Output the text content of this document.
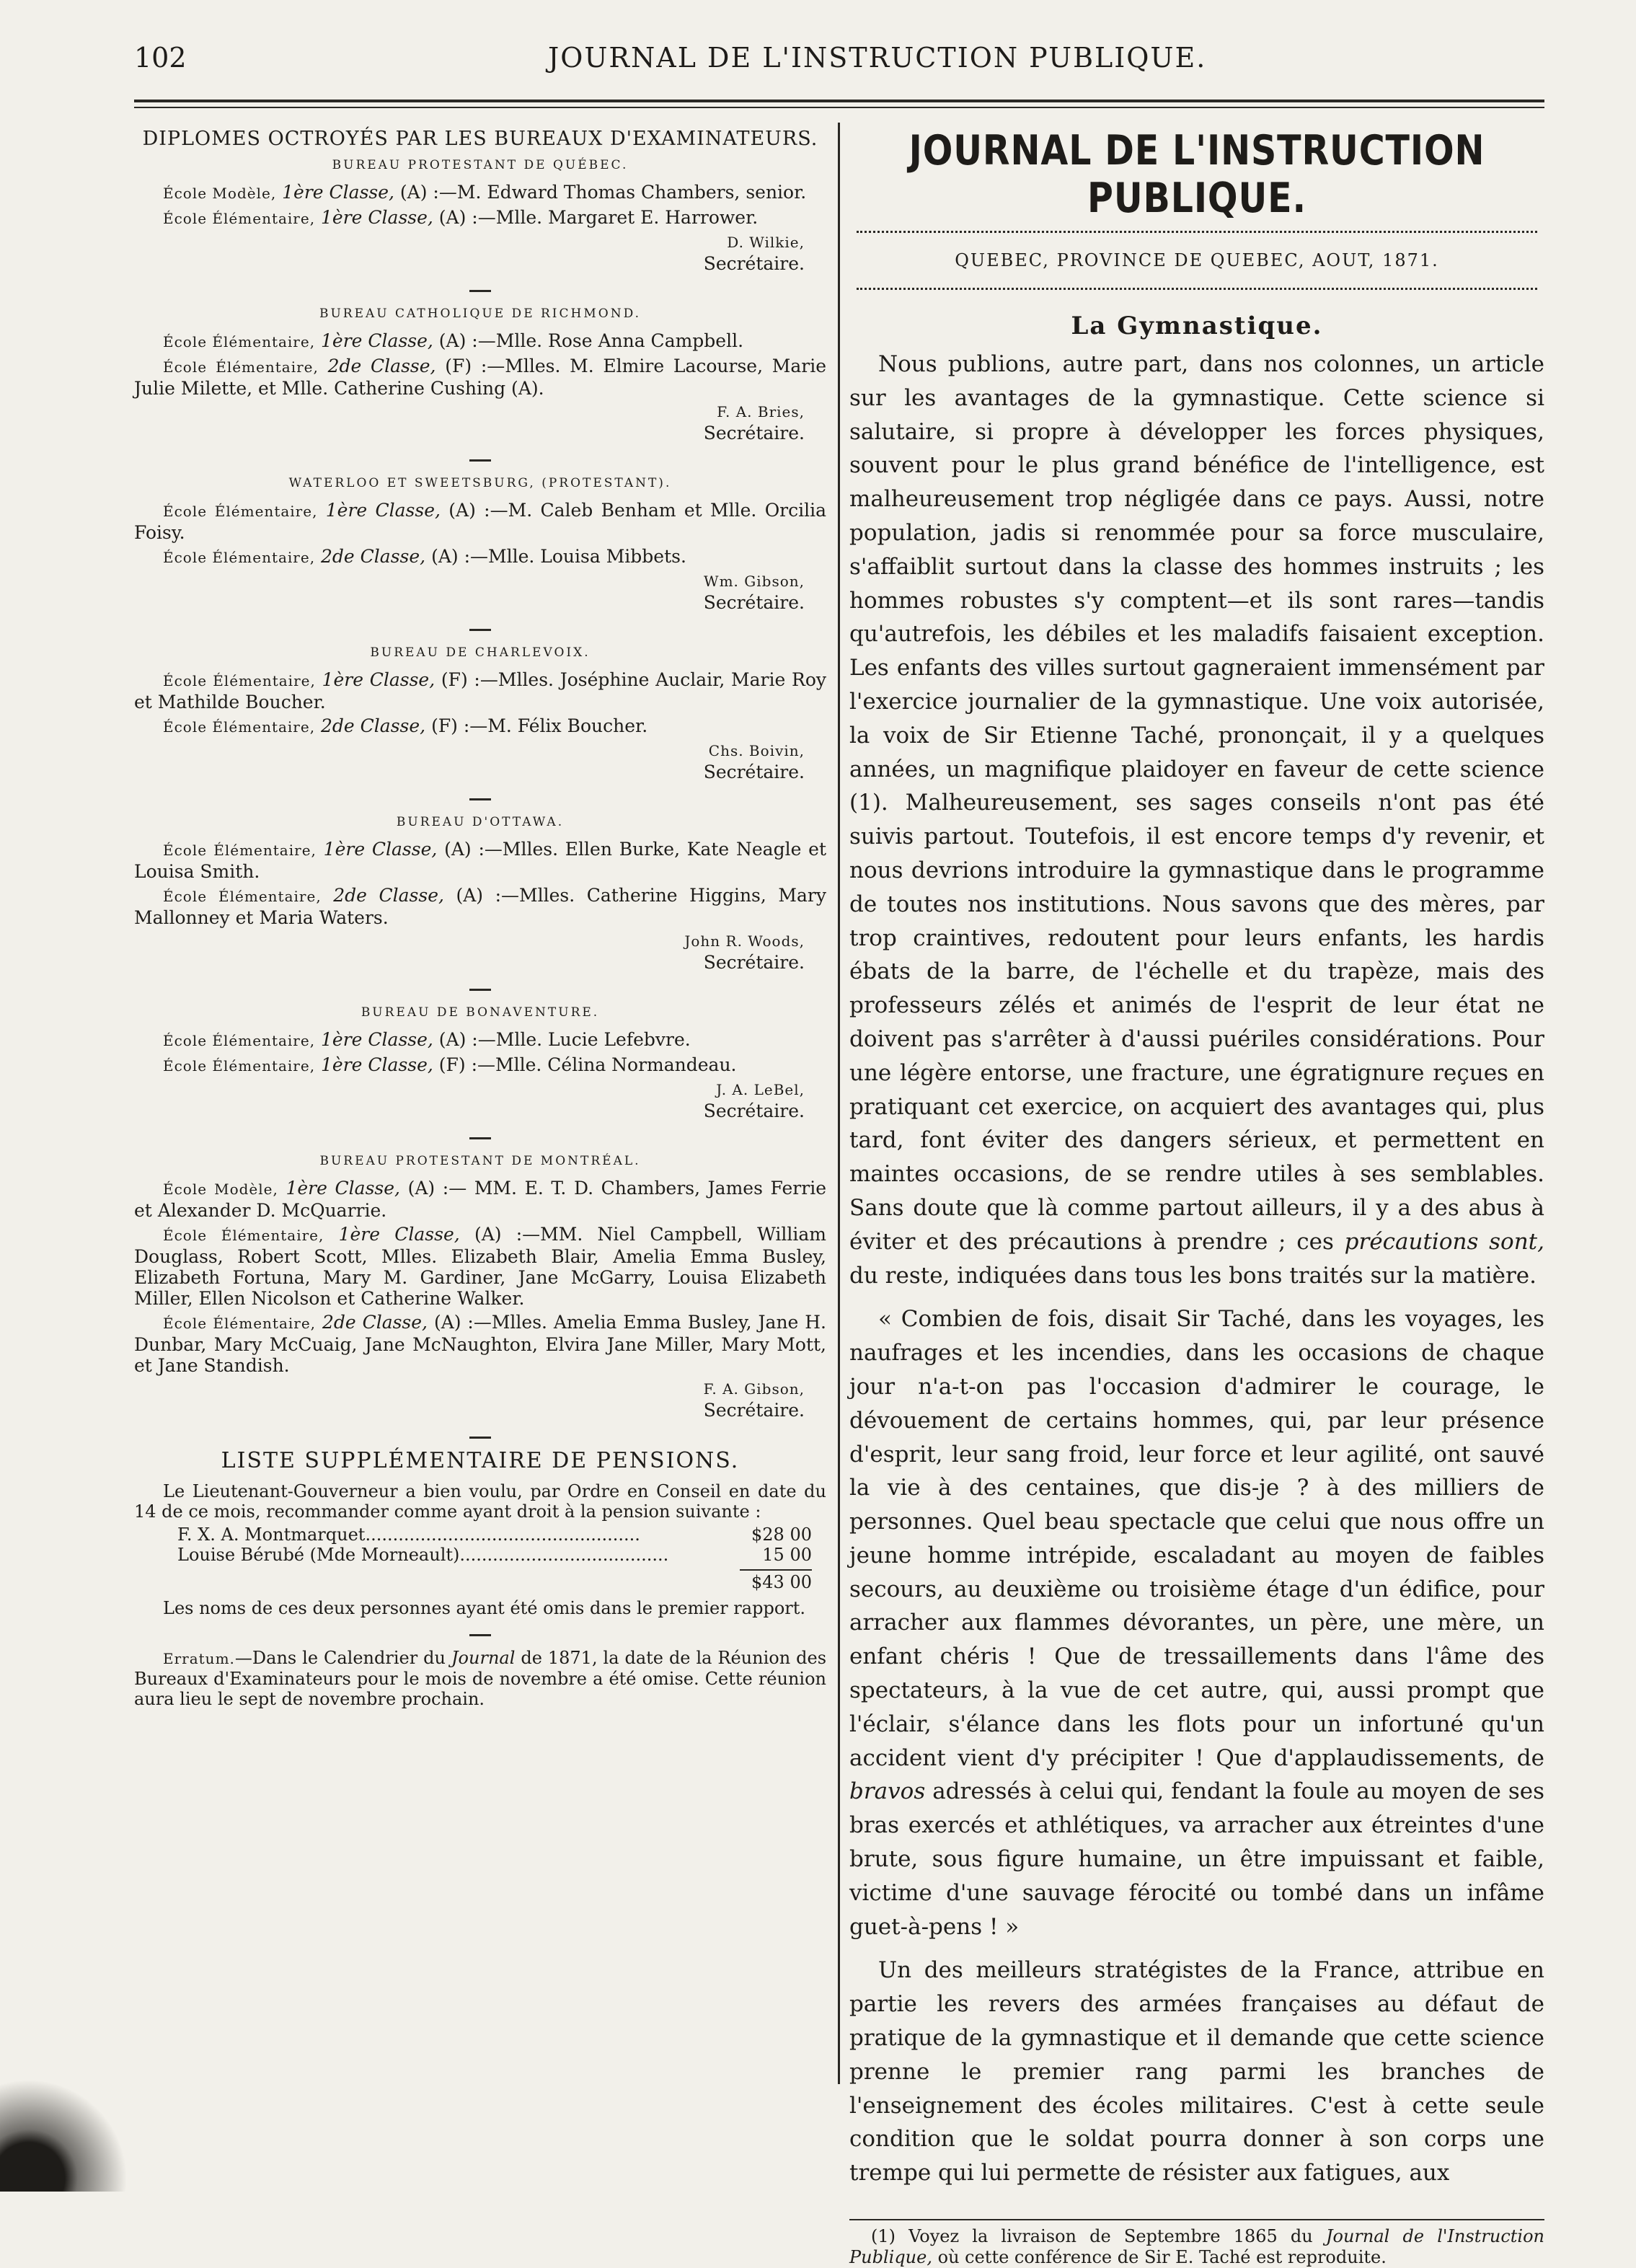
102	JOURNAL DE L'INSTRUCTION PUBLIQUE.
DIPLOMES OCTROYÉS PAR LES BUREAUX D'EXAMINATEURS.
BUREAU PROTESTANT DE QUÉBEC.
École Modèle, 1ère Classe, (A) :—M. Edward Thomas Chambers, senior.
École Élémentaire, 1ère Classe, (A) :—Mlle. Margaret E. Harrower.
D. Wilkie,
Secrétaire.
BUREAU CATHOLIQUE DE RICHMOND.
École Élémentaire, 1ère Classe, (A) :—Mlle. Rose Anna Campbell.
École Élémentaire, 2de Classe, (F) :—Mlles. M. Elmire Lacourse, Marie Julie Milette, et Mlle. Catherine Cushing (A).
F. A. Bries,
Secrétaire.
WATERLOO ET SWEETSBURG, (PROTESTANT).
École Élémentaire, 1ère Classe, (A) :—M. Caleb Benham et Mlle. Orcilia Foisy.
École Élémentaire, 2de Classe, (A) :—Mlle. Louisa Mibbets.
Wm. Gibson,
Secrétaire.
BUREAU DE CHARLEVOIX.
École Élémentaire, 1ère Classe, (F) :—Mlles. Joséphine Auclair, Marie Roy et Mathilde Boucher.
École Élémentaire, 2de Classe, (F) :—M. Félix Boucher.
Chs. Boivin,
Secrétaire.
BUREAU D'OTTAWA.
École Élémentaire, 1ère Classe, (A) :—Mlles. Ellen Burke, Kate Neagle et Louisa Smith.
École Élémentaire, 2de Classe, (A) :—Mlles. Catherine Higgins, Mary Mallonney et Maria Waters.
John R. Woods,
Secrétaire.
BUREAU DE BONAVENTURE.
École Élémentaire, 1ère Classe, (A) :—Mlle. Lucie Lefebvre.
École Élémentaire, 1ère Classe, (F) :—Mlle. Célina Normandeau.
J. A. LeBel,
Secrétaire.
BUREAU PROTESTANT DE MONTRÉAL.
École Modèle, 1ère Classe, (A) :— MM. E. T. D. Chambers, James Ferrie et Alexander D. McQuarrie.
École Élémentaire, 1ère Classe, (A) :—MM. Niel Campbell, William Douglass, Robert Scott, Mlles. Elizabeth Blair, Amelia Emma Busley, Elizabeth Fortuna, Mary M. Gardiner, Jane McGarry, Louisa Elizabeth Miller, Ellen Nicolson et Catherine Walker.
École Élémentaire, 2de Classe, (A) :—Mlles. Amelia Emma Busley, Jane H. Dunbar, Mary McCuaig, Jane McNaughton, Elvira Jane Miller, Mary Mott, et Jane Standish.
F. A. Gibson,
Secrétaire.
LISTE SUPPLÉMENTAIRE DE PENSIONS.
Le Lieutenant-Gouverneur a bien voulu, par Ordre en Conseil en date du 14 de ce mois, recommander comme ayant droit à la pension suivante :
F. X. A. Montmarquet..................................................	$28 00
Louise Bérubé (Mde Morneault)......................................	15 00
$43 00
Les noms de ces deux personnes ayant été omis dans le premier rapport.
Erratum.—Dans le Calendrier du Journal de 1871, la date de la Réunion des Bureaux d'Examinateurs pour le mois de novembre a été omise. Cette réunion aura lieu le sept de novembre prochain.
JOURNAL DE L'INSTRUCTION PUBLIQUE.
QUEBEC, PROVINCE DE QUEBEC, AOUT, 1871.
La Gymnastique.

Nous publions, autre part, dans nos colonnes, un article sur les avantages de la gymnastique. Cette science si salutaire, si propre à développer les forces physiques, souvent pour le plus grand bénéfice de l'intelligence, est malheureusement trop négligée dans ce pays. Aussi, notre population, jadis si renommée pour sa force musculaire, s'affaiblit surtout dans la classe des hommes instruits ; les hommes robustes s'y comptent—et ils sont rares—tandis qu'autrefois, les débiles et les maladifs faisaient exception. Les enfants des villes surtout gagneraient immensément par l'exercice journalier de la gymnastique. Une voix autorisée, la voix de Sir Etienne Taché, prononçait, il y a quelques années, un magnifique plaidoyer en faveur de cette science (1). Malheureusement, ses sages conseils n'ont pas été suivis partout. Toutefois, il est encore temps d'y revenir, et nous devrions introduire la gymnastique dans le programme de toutes nos institutions. Nous savons que des mères, par trop craintives, redoutent pour leurs enfants, les hardis ébats de la barre, de l'échelle et du trapèze, mais des professeurs zélés et animés de l'esprit de leur état ne doivent pas s'arrêter à d'aussi puériles considérations. Pour une légère entorse, une fracture, une égratignure reçues en pratiquant cet exercice, on acquiert des avantages qui, plus tard, font éviter des dangers sérieux, et permettent en maintes occasions, de se rendre utiles à ses semblables. Sans doute que là comme partout ailleurs, il y a des abus à éviter et des précautions à prendre ; ces précautions sont, du reste, indiquées dans tous les bons traités sur la matière.

« Combien de fois, disait Sir Taché, dans les voyages, les naufrages et les incendies, dans les occasions de chaque jour n'a-t-on pas l'occasion d'admirer le courage, le dévouement de certains hommes, qui, par leur présence d'esprit, leur sang froid, leur force et leur agilité, ont sauvé la vie à des centaines, que dis-je ? à des milliers de personnes. Quel beau spectacle que celui que nous offre un jeune homme intrépide, escaladant au moyen de faibles secours, au deuxième ou troisième étage d'un édifice, pour arracher aux flammes dévorantes, un père, une mère, un enfant chéris ! Que de tressaillements dans l'âme des spectateurs, à la vue de cet autre, qui, aussi prompt que l'éclair, s'élance dans les flots pour un infortuné qu'un accident vient d'y précipiter ! Que d'applaudissements, de bravos adressés à celui qui, fendant la foule au moyen de ses bras exercés et athlétiques, va arracher aux étreintes d'une brute, sous figure humaine, un être impuissant et faible, victime d'une sauvage férocité ou tombé dans un infâme guet-à-pens ! »

Un des meilleurs stratégistes de la France, attribue en partie les revers des armées françaises au défaut de pratique de la gymnastique et il demande que cette science prenne le premier rang parmi les branches de l'enseignement des écoles militaires. C'est à cette seule condition que le soldat pourra donner à son corps une trempe qui lui permette de résister aux fatigues, aux

(1) Voyez la livraison de Septembre 1865 du Journal de l'Instruction Publique, où cette conférence de Sir E. Taché est reproduite.
